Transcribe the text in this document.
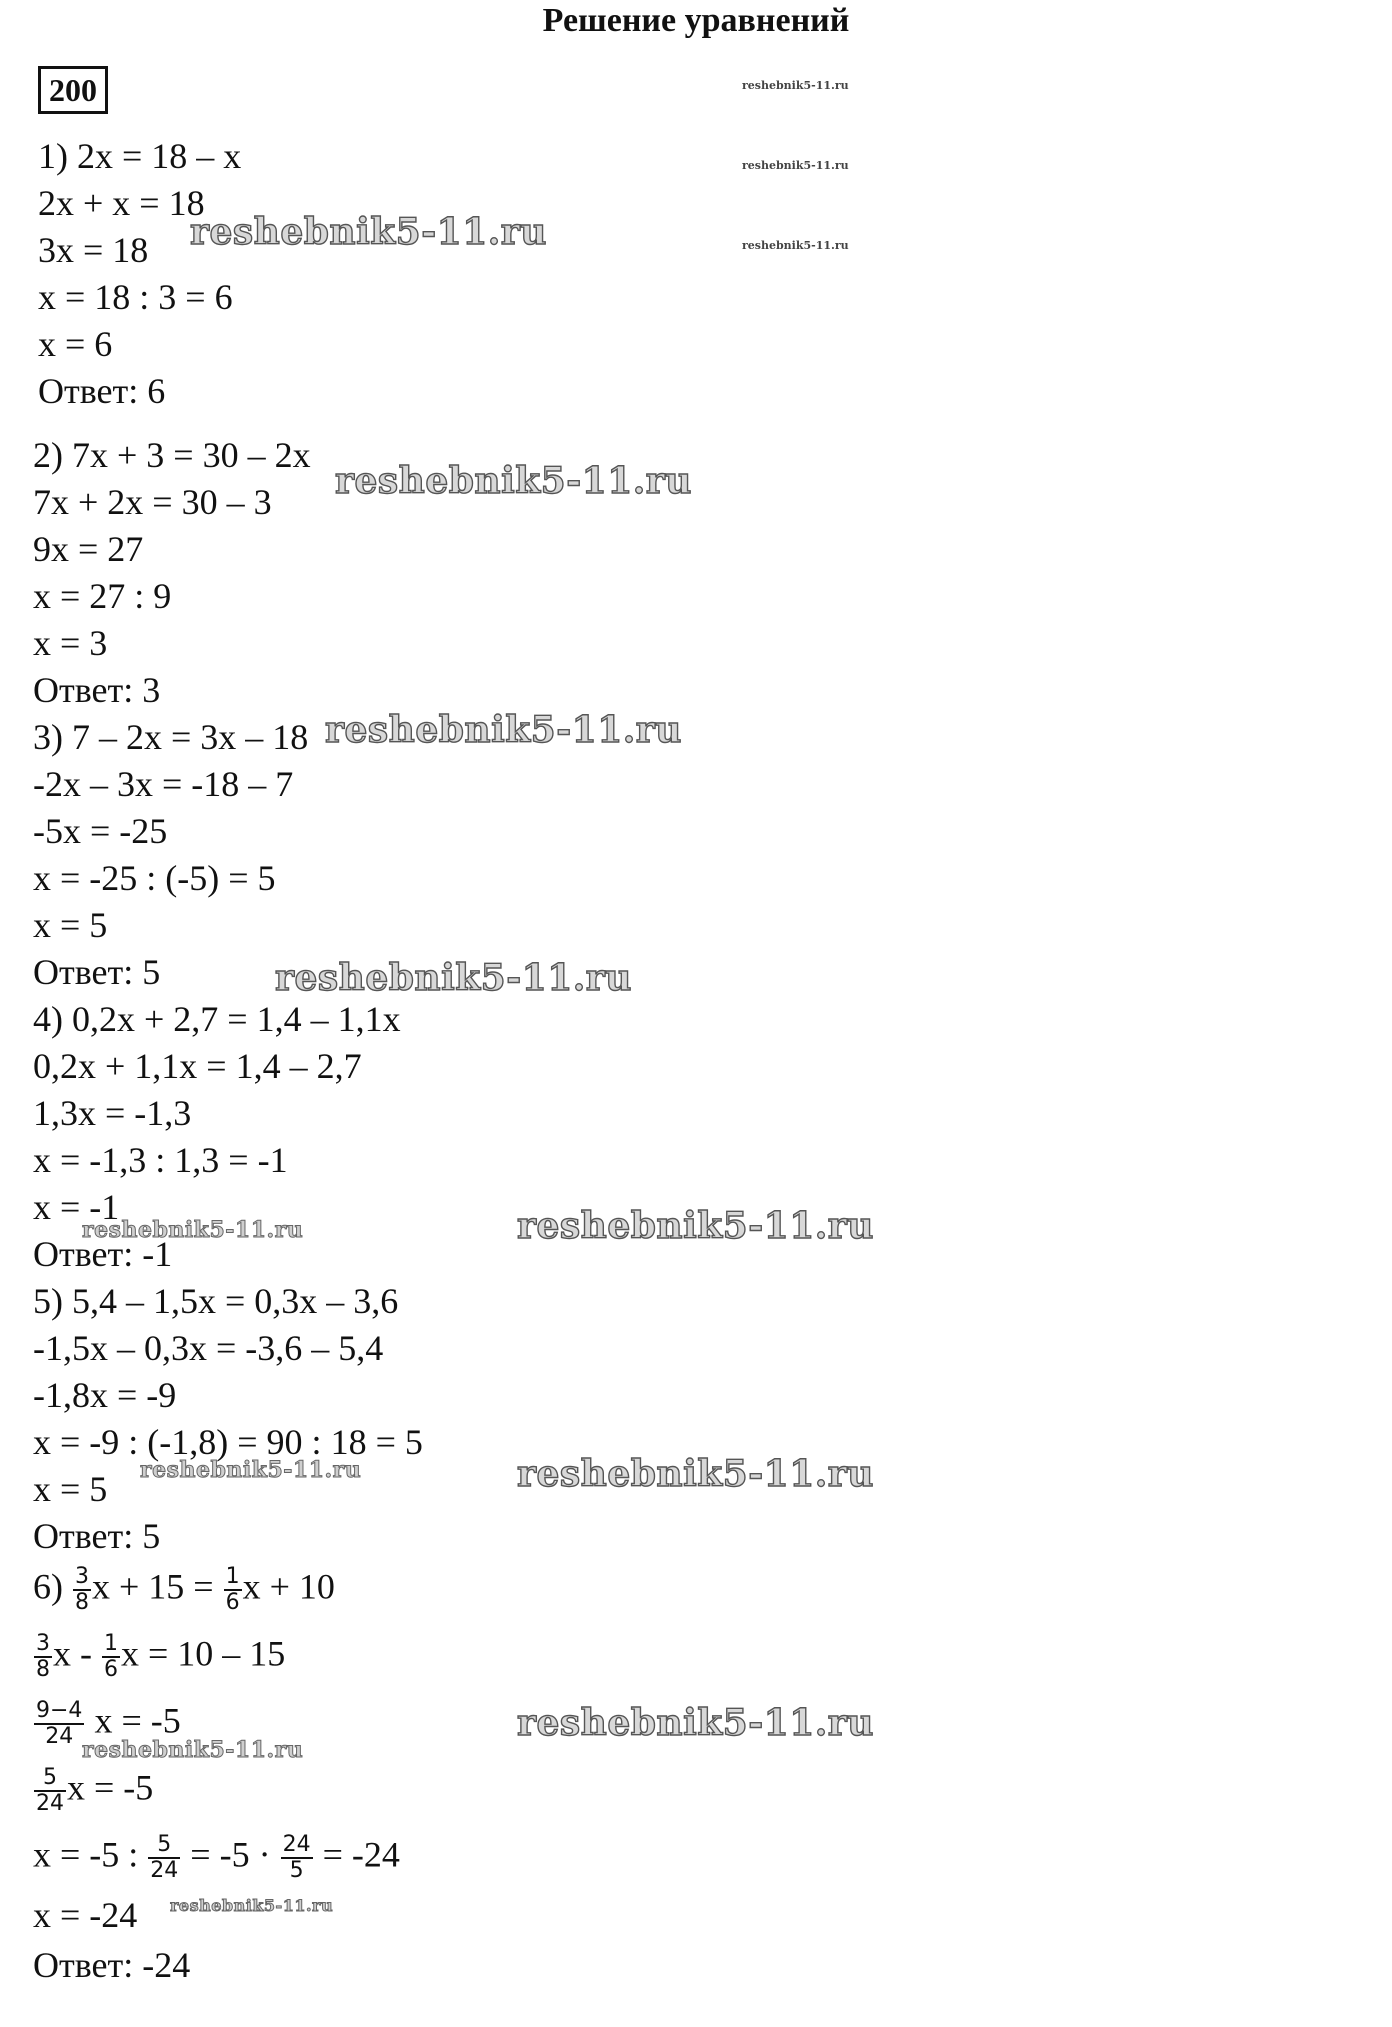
Решение уравнений
200
1) 2х = 18 – х
2х + х = 18
3х = 18
х = 18 : 3 = 6
х = 6
Ответ: 6
2) 7х + 3 = 30 – 2х
7х + 2х = 30 – 3
9х = 27
х = 27 : 9
х = 3
Ответ: 3
3) 7 – 2х = 3х – 18
-2х – 3х = -18 – 7
-5х = -25
х = -25 : (-5) = 5
х = 5
Ответ: 5
4) 0,2х + 2,7 = 1,4 – 1,1х
0,2х + 1,1х = 1,4 – 2,7
1,3х = -1,3
х = -1,3 : 1,3 = -1
х = -1
Ответ: -1
5) 5,4 – 1,5х = 0,3х – 3,6
-1,5х – 0,3х = -3,6 – 5,4
-1,8х = -9
х = -9 : (-1,8) = 90 : 18 = 5
х = 5
Ответ: 5
$6) \frac{3}{8}$ $х + 15 = \frac{1}{6}$ х + 10
$\frac{3}{8}$ х - $\frac{1}{6}$ х = 10 – 15
$\frac{9-4}{24}$ х = -5
$\frac{5}{24}$ х = -5
х = -5 : $\frac{5}{24} = -5 \cdot \frac{24}{5} = -24$
х = -24
Ответ: -24
reshebnik5-11.ru
reshebnik5-11.ru
reshebnik5-11.ru
reshebnik5-11.ru
reshebnik5-11.ru
reshebnik5-11.ru
reshebnik5-11.ru
reshebnik5-11.ru
reshebnik5-11.ru
reshebnik5-11.ru
reshebnik5-11.ru
reshebnik5-11.ru
reshebnik5-11.ru
reshebnik5-11.ru
